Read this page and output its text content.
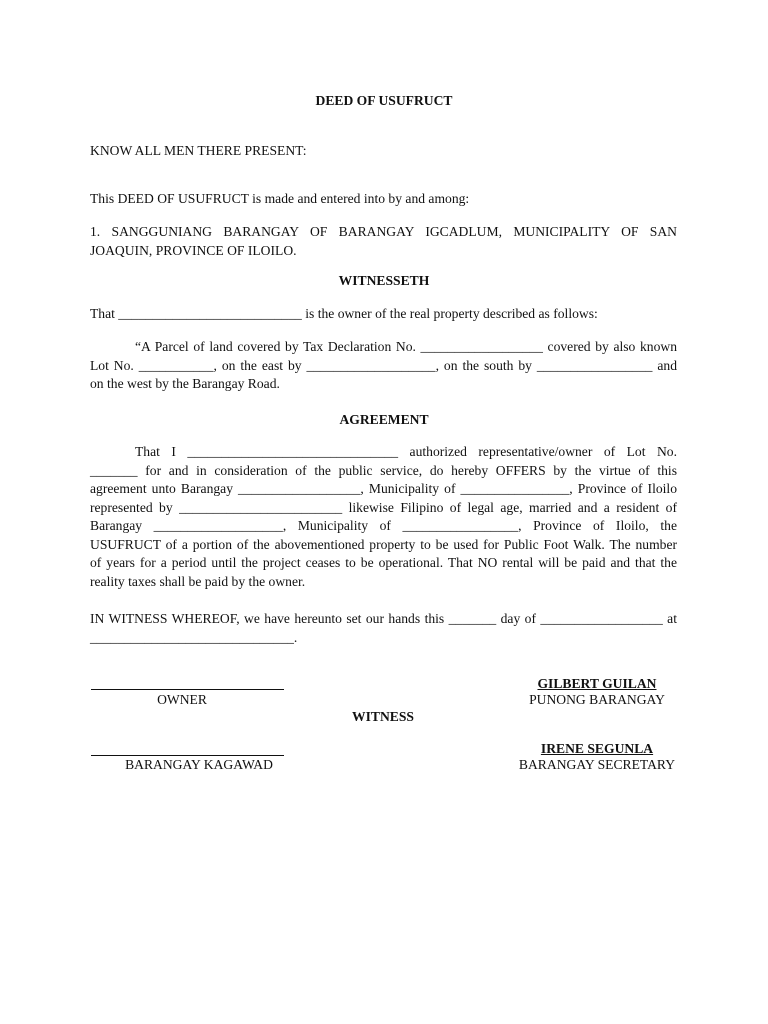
DEED OF USUFRUCT
KNOW ALL MEN THERE PRESENT:
This DEED OF USUFRUCT is made and entered into by and among:

1. SANGGUNIANG BARANGAY OF BARANGAY IGCADLUM, MUNICIPALITY OF SAN

JOAQUIN, PROVINCE OF ILOILO.

WITNESSETH
That ___________________________ is the owner of the real property described as follows:

“A Parcel of land covered by Tax Declaration No. __________________ covered by also known

Lot No. ___________, on the east by ___________________, on the south by _________________ and

on the west by the Barangay Road.

AGREEMENT

That I _______________________________ authorized representative/owner of Lot No.

_______ for and in consideration of the public service, do hereby OFFERS by the virtue of this

agreement unto Barangay __________________, Municipality of ________________, Province of Iloilo

represented by ________________________ likewise Filipino of legal age, married and a resident of

Barangay ___________________, Municipality of _________________, Province of Iloilo, the

USUFRUCT of a portion of the abovementioned property to be used for Public Foot Walk. The number

of years for a period until the project ceases to be operational. That NO rental will be paid and that the

reality taxes shall be paid by the owner.

IN WITNESS WHEREOF, we have hereunto set our hands this _______ day of __________________ at

______________________________.

OWNER
GILBERT GUILAN
PUNONG BARANGAY
WITNESS
BARANGAY KAGAWAD
IRENE SEGUNLA
BARANGAY SECRETARY
